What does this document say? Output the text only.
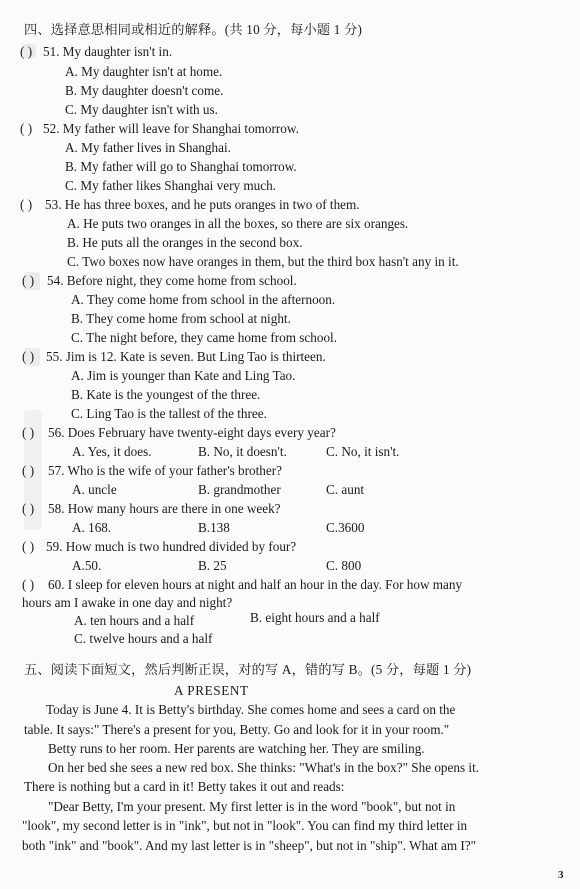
四、选择意思相同或相近的解释。(共 10 分，每小题 1 分)
( ) 51. My daughter isn't in.
A. My daughter isn't at home.
B. My daughter doesn't come.
C. My daughter isn't with us.
( ) 52. My father will leave for Shanghai tomorrow.
A. My father lives in Shanghai.
B. My father will go to Shanghai tomorrow.
C. My father likes Shanghai very much.
( ) 53. He has three boxes, and he puts oranges in two of them.
A. He puts two oranges in all the boxes, so there are six oranges.
B. He puts all the oranges in the second box.
C. Two boxes now have oranges in them, but the third box hasn't any in it.
( ) 54. Before night, they come home from school.
A. They come home from school in the afternoon.
B. They come home from school at night.
C. The night before, they came home from school.
( ) 55. Jim is 12. Kate is seven. But Ling Tao is thirteen.
A. Jim is younger than Kate and Ling Tao.
B. Kate is the youngest of the three.
C. Ling Tao is the tallest of the three.
( ) 56. Does February have twenty-eight days every year?
A. Yes, it does.	B. No, it doesn't.	C. No, it isn't.
( ) 57. Who is the wife of your father's brother?
A. uncle	B. grandmother	C. aunt
( ) 58. How many hours are there in one week?
A. 168.	B.138	C.3600
( ) 59. How much is two hundred divided by four?
A.50.	B. 25	C. 800
( ) 60. I sleep for eleven hours at night and half an hour in the day. For how many
hours am I awake in one day and night?
A. ten hours and a half	B. eight hours and a half
C. twelve hours and a half
五、阅读下面短文，然后判断正误，对的写 A，错的写 B。(5 分，每题 1 分)
A PRESENT
Today is June 4. It is Betty's birthday. She comes home and sees a card on the
table. It says:" There's a present for you, Betty. Go and look for it in your room."
Betty runs to her room. Her parents are watching her. They are smiling.
On her bed she sees a new red box. She thinks: "What's in the box?" She opens it.
There is nothing but a card in it! Betty takes it out and reads:
"Dear Betty, I'm your present. My first letter is in the word "book", but not in
"look", my second letter is in "ink", but not in "look". You can find my third letter in
both "ink" and "book". And my last letter is in "sheep", but not in "ship". What am I?"
3
